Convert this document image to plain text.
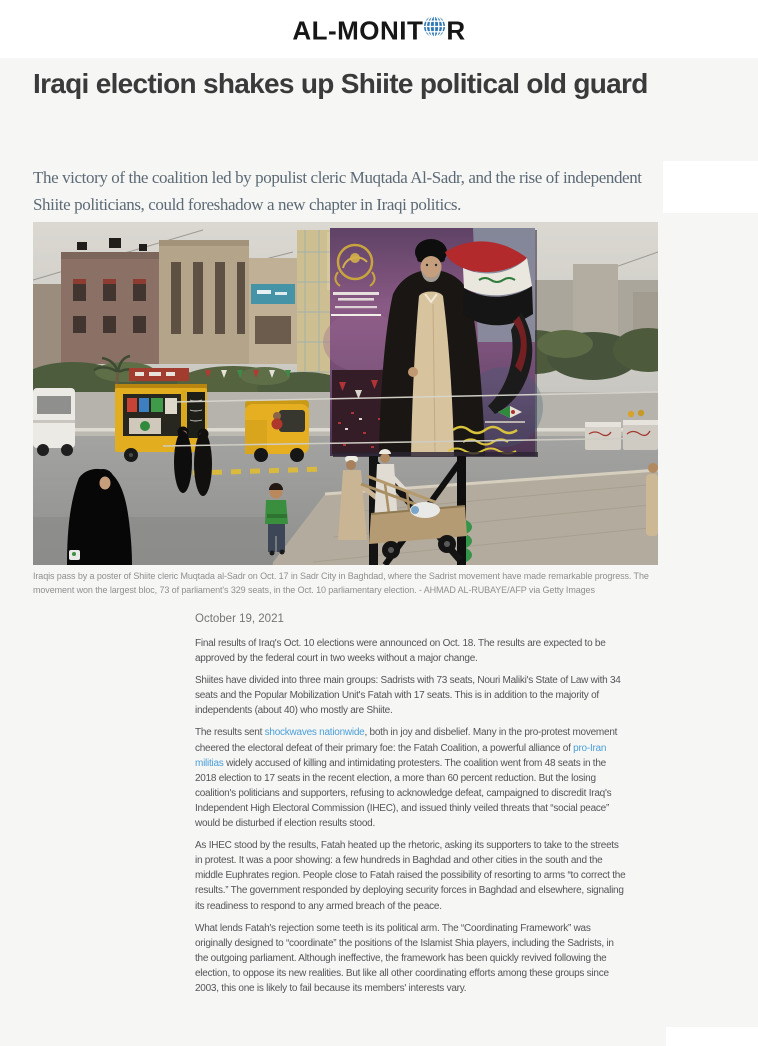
AL-MONIT R
Iraqi election shakes up Shiite political old guard
The victory of the coalition led by populist cleric Muqtada Al-Sadr, and the rise of independent Shiite politicians, could foreshadow a new chapter in Iraqi politics.
Iraqis pass by a poster of Shiite cleric Muqtada al-Sadr on Oct. 17 in Sadr City in Baghdad, where the Sadrist movement have made remarkable progress. The movement won the largest bloc, 73 of parliament's 329 seats, in the Oct. 10 parliamentary election. - AHMAD AL-RUBAYE/AFP via Getty Images
October 19, 2021

Final results of Iraq's Oct. 10 elections were announced on Oct. 18. The results are expected to be approved by the federal court in two weeks without a major change.

Shiites have divided into three main groups: Sadrists with 73 seats, Nouri Maliki's State of Law with 34 seats and the Popular Mobilization Unit's Fatah with 17 seats. This is in addition to the majority of independents (about 40) who mostly are Shiite.

The results sent shockwaves nationwide, both in joy and disbelief. Many in the pro-protest movement cheered the electoral defeat of their primary foe: the Fatah Coalition, a powerful alliance of pro-Iran militias widely accused of killing and intimidating protesters. The coalition went from 48 seats in the 2018 election to 17 seats in the recent election, a more than 60 percent reduction. But the losing coalition's politicians and supporters, refusing to acknowledge defeat, campaigned to discredit Iraq's Independent High Electoral Commission (IHEC), and issued thinly veiled threats that “social peace” would be disturbed if election results stood.

As IHEC stood by the results, Fatah heated up the rhetoric, asking its supporters to take to the streets in protest. It was a poor showing: a few hundreds in Baghdad and other cities in the south and the middle Euphrates region. People close to Fatah raised the possibility of resorting to arms “to correct the results.” The government responded by deploying security forces in Baghdad and elsewhere, signaling its readiness to respond to any armed breach of the peace.

What lends Fatah's rejection some teeth is its political arm. The “Coordinating Framework” was originally designed to “coordinate” the positions of the Islamist Shia players, including the Sadrists, in the outgoing parliament. Although ineffective, the framework has been quickly revived following the election, to oppose its new realities. But like all other coordinating efforts among these groups since 2003, this one is likely to fail because its members' interests vary.
